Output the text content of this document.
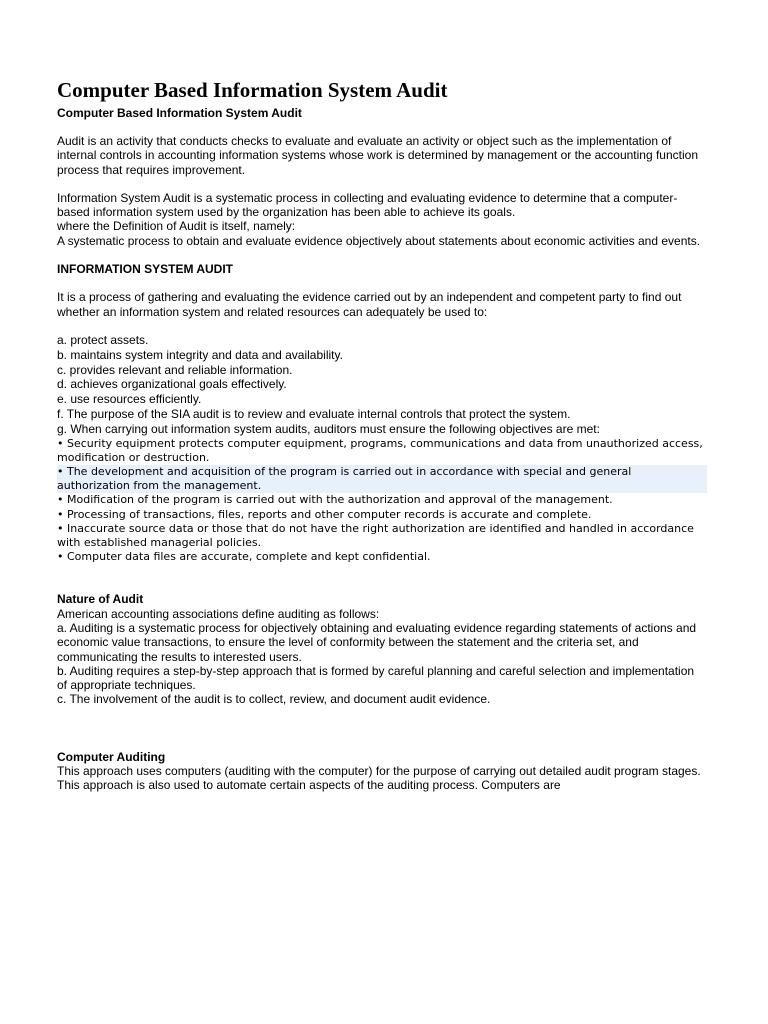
Computer Based Information System Audit

Computer Based Information System Audit

Audit is an activity that conducts checks to evaluate and evaluate an activity or object such as the implementation of internal controls in accounting information systems whose work is determined by management or the accounting function process that requires improvement.

Information System Audit is a systematic process in collecting and evaluating evidence to determine that a computer-based information system used by the organization has been able to achieve its goals.

where the Definition of Audit is itself, namely:

A systematic process to obtain and evaluate evidence objectively about statements about economic activities and events.

INFORMATION SYSTEM AUDIT

It is a process of gathering and evaluating the evidence carried out by an independent and competent party to find out whether an information system and related resources can adequately be used to:

a. protect assets.

b. maintains system integrity and data and availability.

c. provides relevant and reliable information.

d. achieves organizational goals effectively.

e. use resources efficiently.

f. The purpose of the SIA audit is to review and evaluate internal controls that protect the system.

g. When carrying out information system audits, auditors must ensure the following objectives are met:

• Security equipment protects computer equipment, programs, communications and data from unauthorized access, modification or destruction.

• The development and acquisition of the program is carried out in accordance with special and general authorization from the management.

• Modification of the program is carried out with the authorization and approval of the management.

• Processing of transactions, files, reports and other computer records is accurate and complete.

• Inaccurate source data or those that do not have the right authorization are identified and handled in accordance with established managerial policies.

• Computer data files are accurate, complete and kept confidential.

Nature of Audit

American accounting associations define auditing as follows:

a. Auditing is a systematic process for objectively obtaining and evaluating evidence regarding statements of actions and economic value transactions, to ensure the level of conformity between the statement and the criteria set, and communicating the results to interested users.

b. Auditing requires a step-by-step approach that is formed by careful planning and careful selection and implementation of appropriate techniques.

c. The involvement of the audit is to collect, review, and document audit evidence.

Computer Auditing

This approach uses computers (auditing with the computer) for the purpose of carrying out detailed audit program stages. This approach is also used to automate certain aspects of the auditing process. Computers are
